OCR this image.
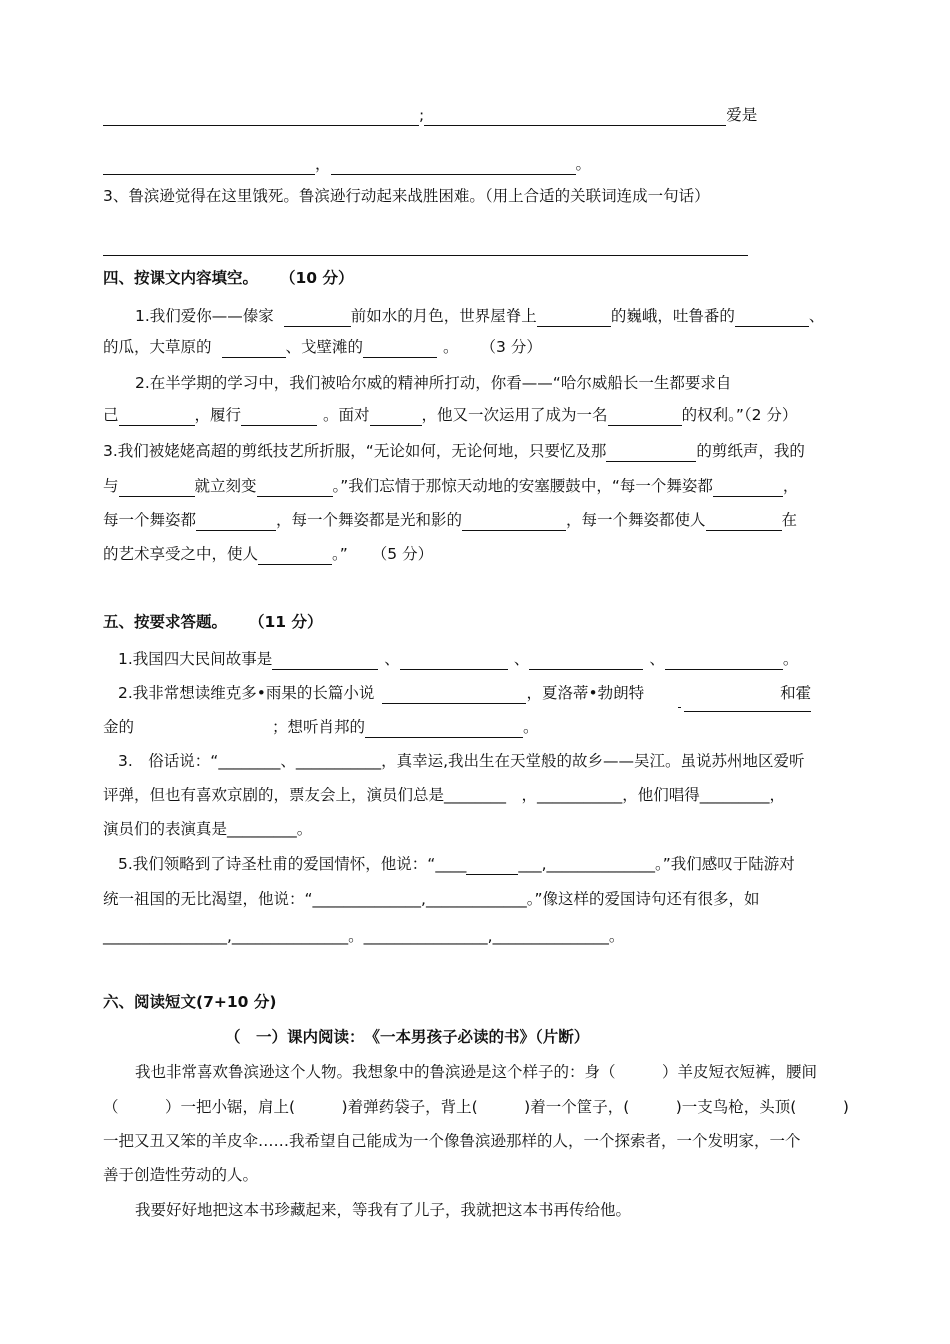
;	爱是
，	。
3、鲁滨逊觉得在这里饿死。鲁滨逊行动起来战胜困难。（用上合适的关联词连成一句话）
四、按课文内容填空。 （10 分）
1.我们爱你——傣家	前如水的月色，世界屋脊上	的巍峨，吐鲁番的	、
的瓜，大草原的	、戈壁滩的	。 （3 分）
2.在半学期的学习中，我们被哈尔威的精神所打动，你看——“哈尔威船长一生都要求自
己	，履行	。面对	，他又一次运用了成为一名	的权利。”（2 分）
3.我们被姥姥高超的剪纸技艺所折服，“无论如何，无论何地，只要忆及那	的剪纸声，我的
与	就立刻变	。”我们忘情于那惊天动地的安塞腰鼓中，“每一个舞姿都	，
每一个舞姿都	，每一个舞姿都是光和影的	，每一个舞姿都使人	在
的艺术享受之中，使人	。” （5 分）
五、按要求答题。 （11 分）
1.我国四大民间故事是	、	、	、	。
2.我非常想读维克多•雨果的长篇小说	，夏洛蒂•勃朗特	和霍
金的	；想听肖邦的	。
3.　俗话说：“________、___________，真幸运,我出生在天堂般的故乡——吴江。虽说苏州地区爱听
评弹，但也有喜欢京剧的，票友会上，演员们总是________　，___________，他们唱得_________，
演员们的表演真是_________。
5.我们领略到了诗圣杜甫的爱国情怀，他说：“____	___,______________。”我们感叹于陆游对
统一祖国的无比渴望，他说：“______________,_____________。”像这样的爱国诗句还有很多，如
________________,_______________。________________,_______________。
六、阅读短文(7+10 分)
（　一）课内阅读：　《一本男孩子必读的书》（片断）
我也非常喜欢鲁滨逊这个人物。我想象中的鲁滨逊是这个样子的：身（　　　）羊皮短衣短裤，腰间
（　　　）一把小锯，肩上(　　　)着弹药袋子，背上(　　　)着一个筐子，(　　　)一支鸟枪，头顶(　　　)
一把又丑又笨的羊皮伞……我希望自己能成为一个像鲁滨逊那样的人，一个探索者，一个发明家，一个
善于创造性劳动的人。
我要好好地把这本书珍藏起来，等我有了儿子，我就把这本书再传给他。
